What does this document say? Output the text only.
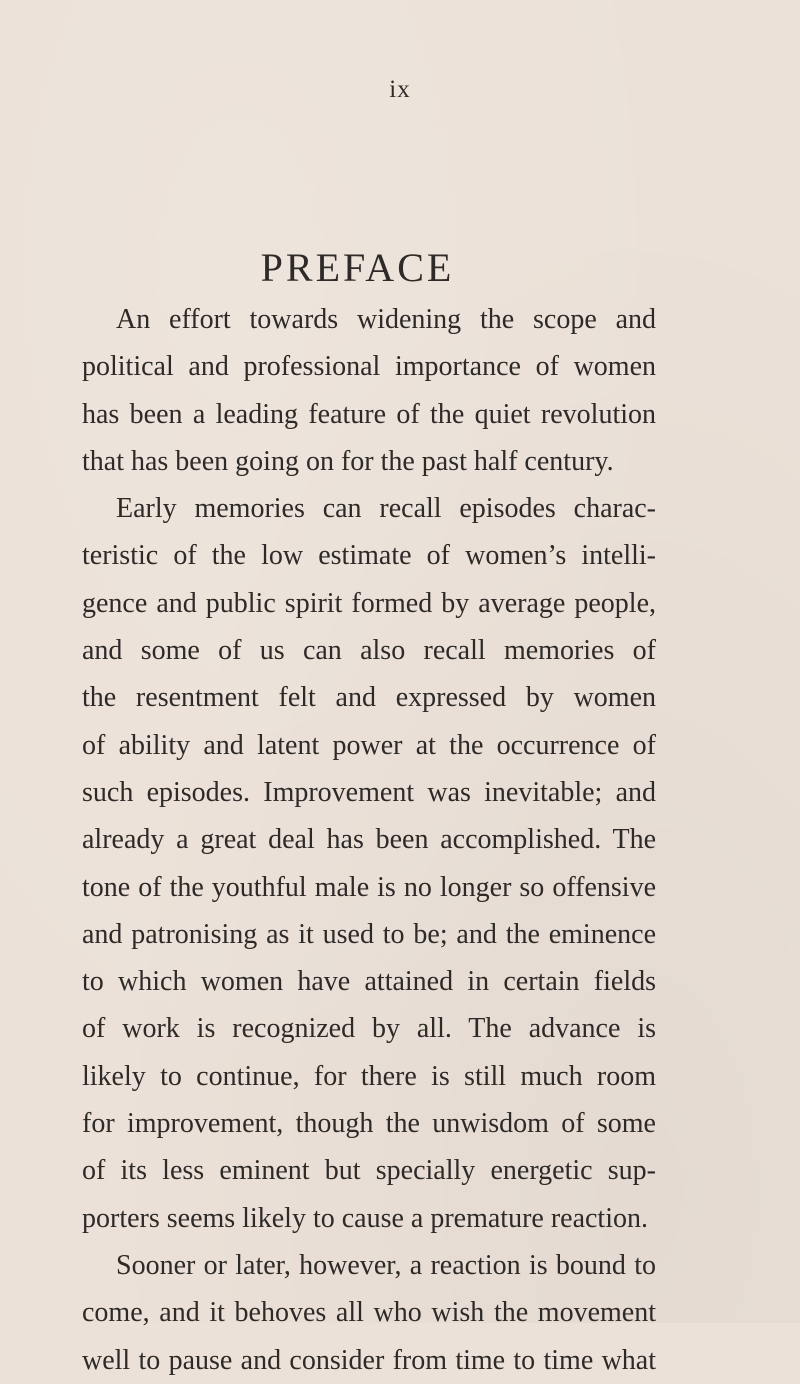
ix
PREFACE
An effort towards widening the scope and
political and professional importance of women
has been a leading feature of the quiet revolution
that has been going on for the past half century.
Early memories can recall episodes charac-
teristic of the low estimate of women’s intelli-
gence and public spirit formed by average people,
and some of us can also recall memories of
the resentment felt and expressed by women
of ability and latent power at the occurrence of
such episodes. Improvement was inevitable; and
already a great deal has been accomplished. The
tone of the youthful male is no longer so offensive
and patronising as it used to be; and the eminence
to which women have attained in certain fields
of work is recognized by all. The advance is
likely to continue, for there is still much room
for improvement, though the unwisdom of some
of its less eminent but specially energetic sup-
porters seems likely to cause a premature reaction.
Sooner or later, however, a reaction is bound to
come, and it behoves all who wish the movement
well to pause and consider from time to time what
